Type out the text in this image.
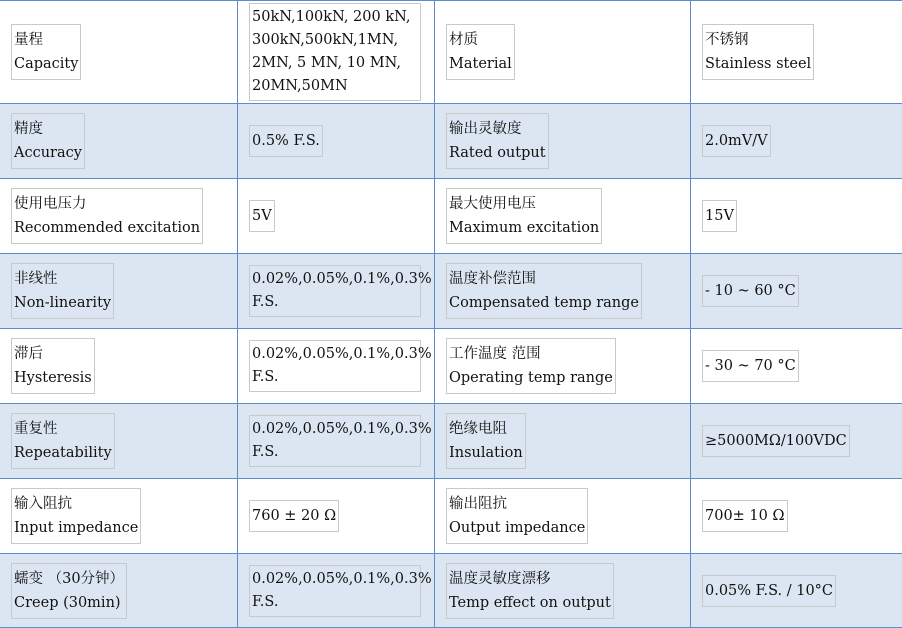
量程
Capacity
50kN,100kN, 200 kN, 300kN,500kN,1MN, 2MN, 5 MN, 10 MN, 20MN,50MN
材质
Material
不锈钢
Stainless steel
精度
Accuracy
0.5% F.S.
输出灵敏度
Rated output
2.0mV/V
使用电压力
Recommended excitation
5V
最大使用电压
Maximum excitation
15V
非线性
Non-linearity
0.02%,0.05%,0.1%,0.3% F.S.
温度补偿范围
Compensated temp range
- 10 ~ 60 °C
滞后
Hysteresis
0.02%,0.05%,0.1%,0.3% F.S.
工作温度 范围
Operating temp range
- 30 ~ 70 °C
重复性
Repeatability
0.02%,0.05%,0.1%,0.3% F.S.
绝缘电阻
Insulation
≥5000MΩ/100VDC
输入阻抗
Input impedance
760 ± 20 Ω
输出阻抗
Output impedance
700± 10 Ω
蠕变 （30分钟）
Creep (30min)
0.02%,0.05%,0.1%,0.3% F.S.
温度灵敏度漂移
Temp effect on output
0.05% F.S. / 10°C
